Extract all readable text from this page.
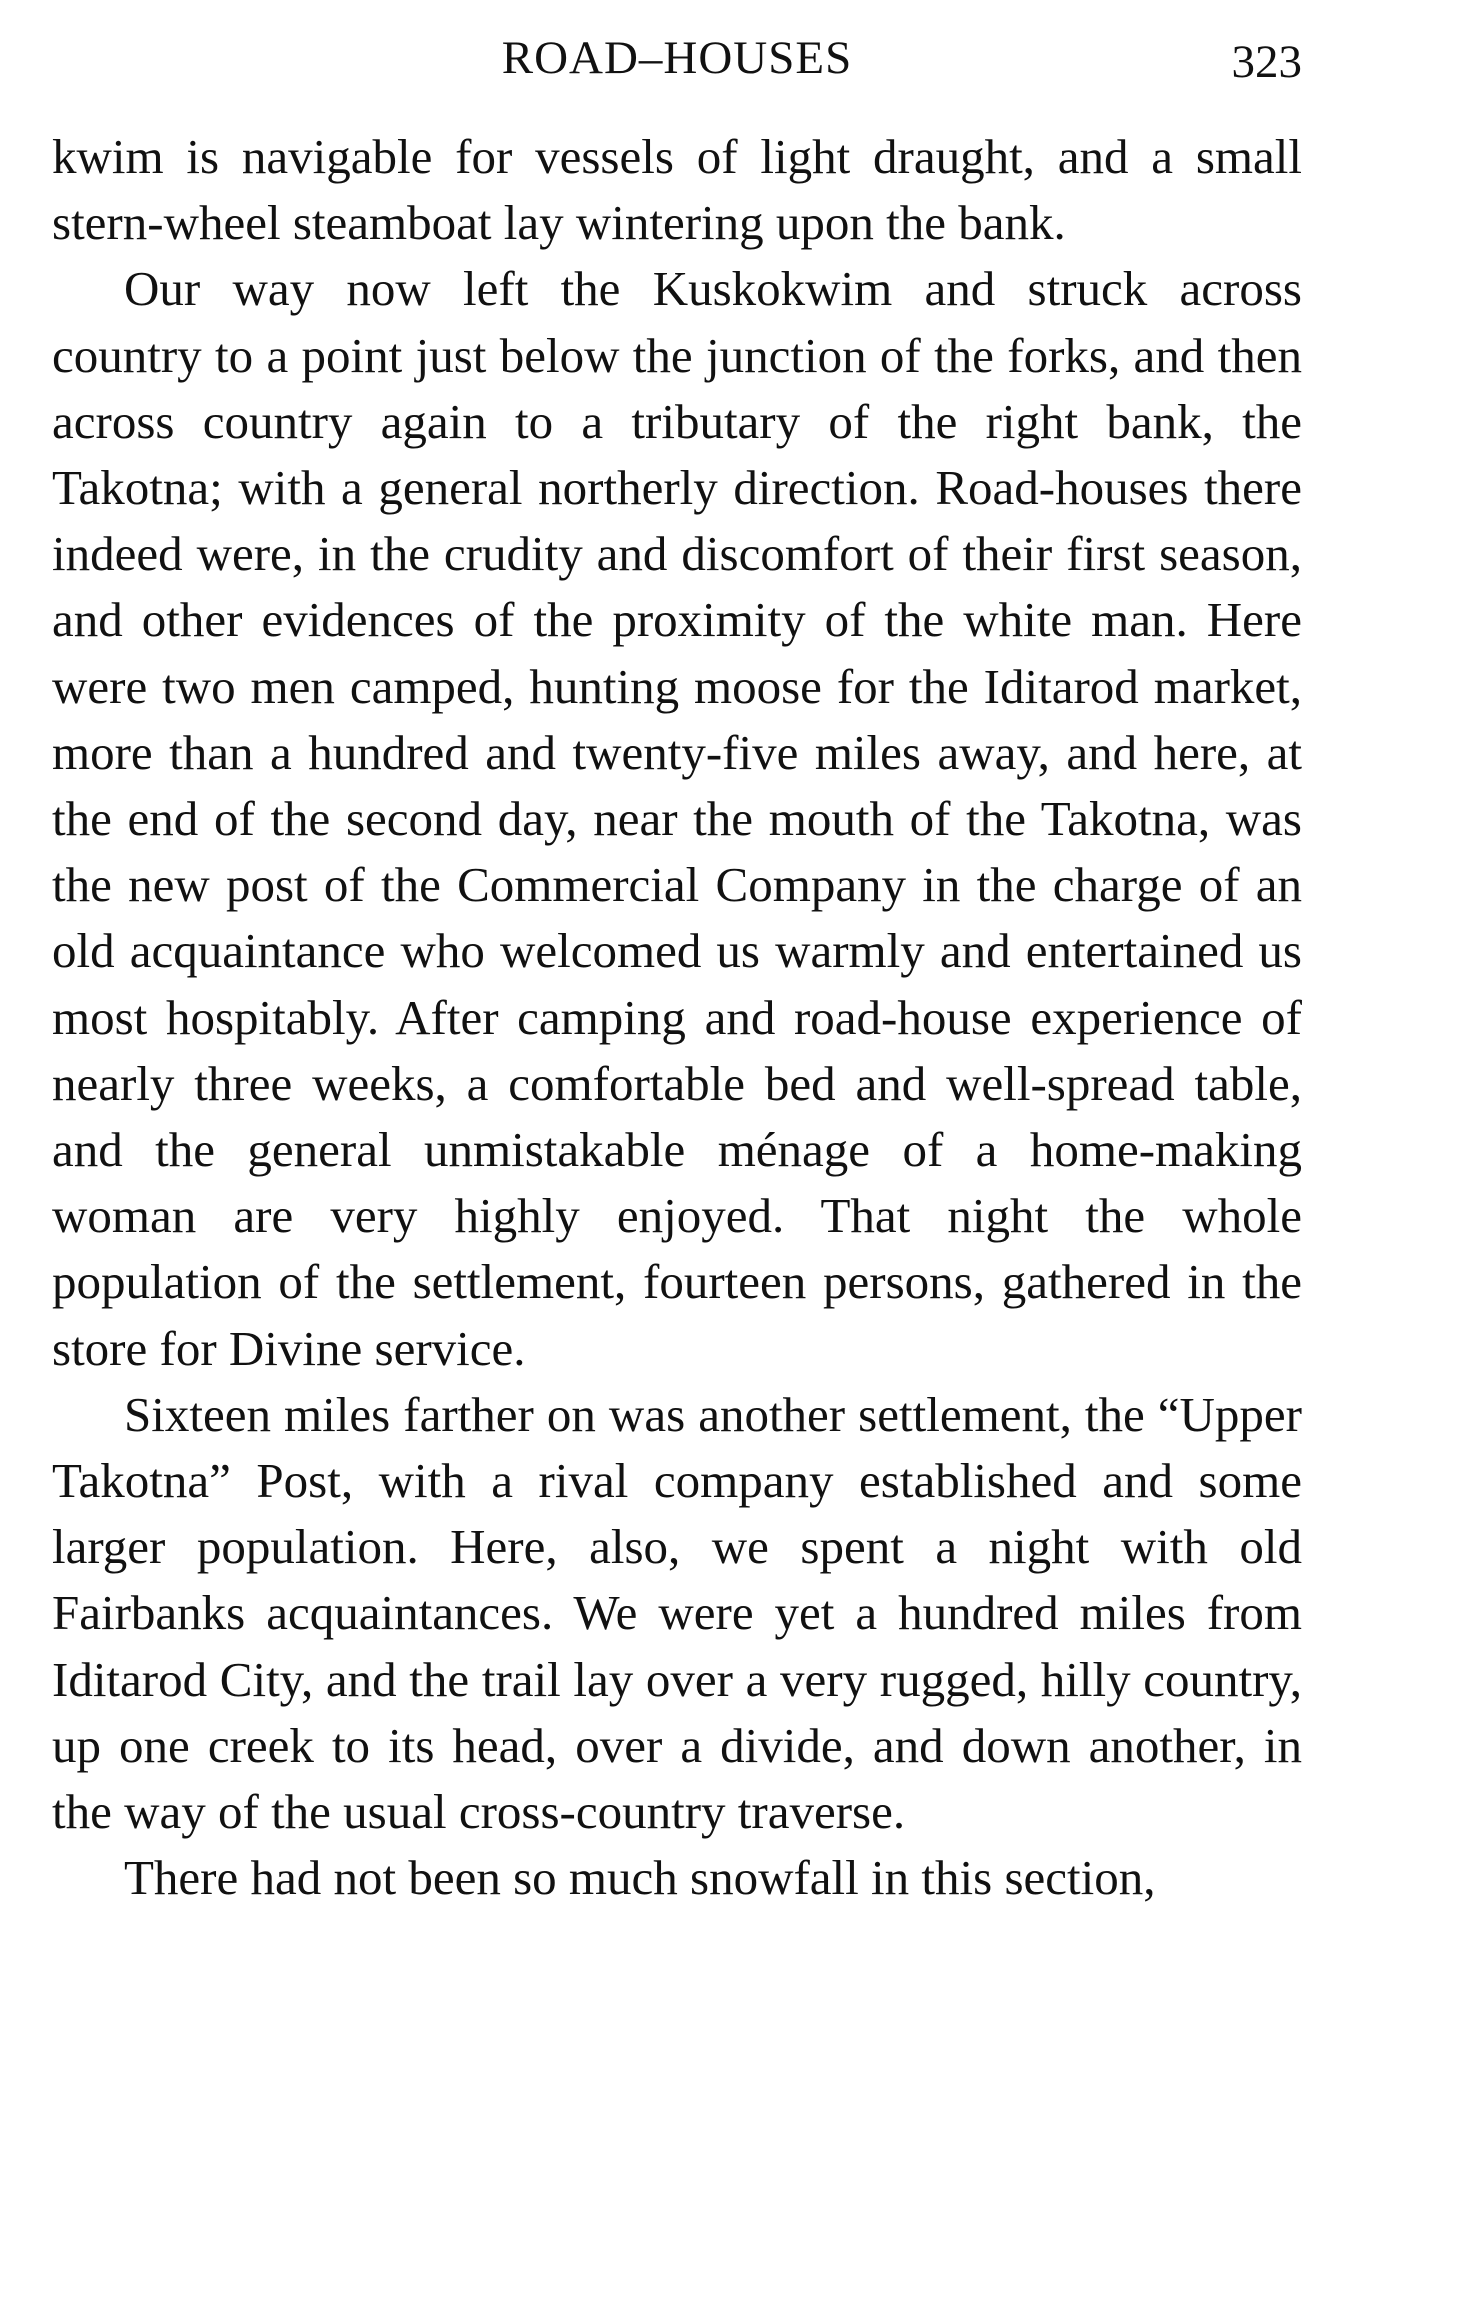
ROAD–HOUSES	323

kwim is navigable for vessels of light draught, and a small stern-wheel steamboat lay wintering upon the bank.

Our way now left the Kuskokwim and struck across country to a point just below the junction of the forks, and then across country again to a tributary of the right bank, the Takotna; with a general northerly direction. Road-houses there indeed were, in the crudity and discomfort of their first season, and other evidences of the proximity of the white man. Here were two men camped, hunting moose for the Iditarod market, more than a hundred and twenty-five miles away, and here, at the end of the second day, near the mouth of the Takotna, was the new post of the Commercial Company in the charge of an old acquaintance who welcomed us warmly and entertained us most hospitably. After camping and road-house experience of nearly three weeks, a comfortable bed and well-spread table, and the general unmistakable ménage of a home-making woman are very highly enjoyed. That night the whole population of the settlement, fourteen persons, gathered in the store for Divine service.

Sixteen miles farther on was another settlement, the “Upper Takotna” Post, with a rival company established and some larger population. Here, also, we spent a night with old Fairbanks acquaintances. We were yet a hundred miles from Iditarod City, and the trail lay over a very rugged, hilly country, up one creek to its head, over a divide, and down another, in the way of the usual cross-country traverse.

There had not been so much snowfall in this section,
